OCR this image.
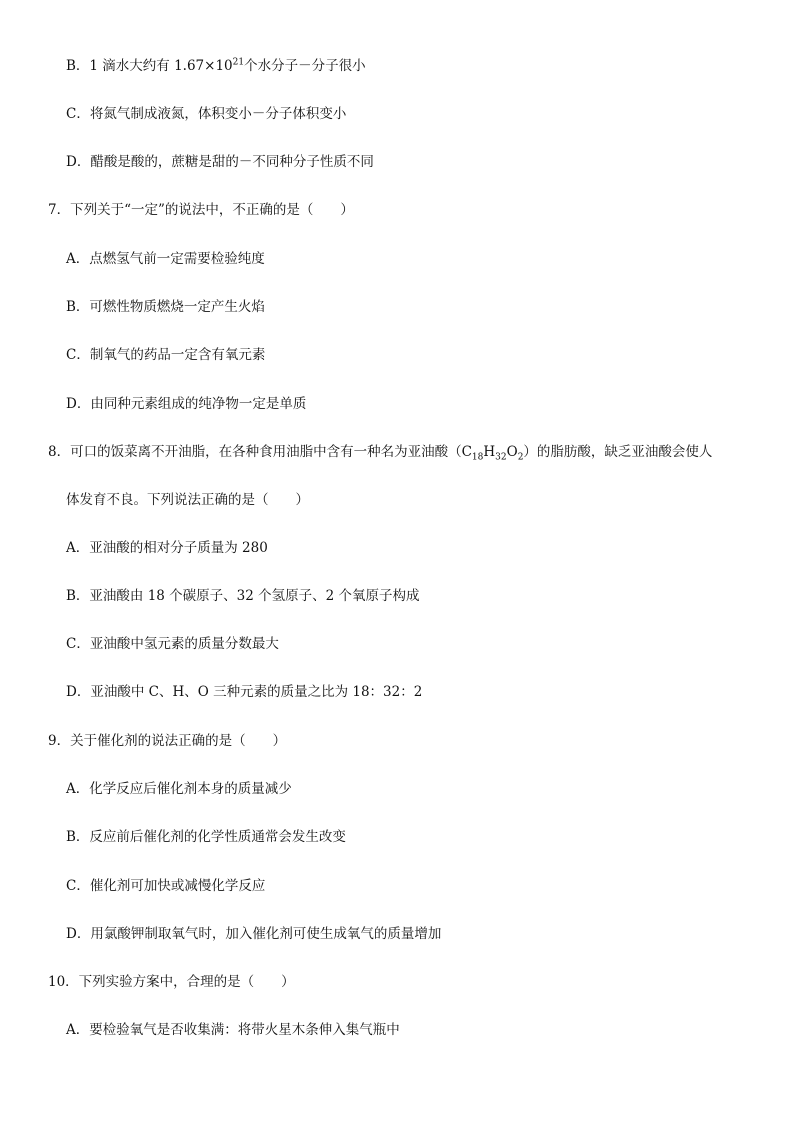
B．1 滴水大约有 $1.67\times 10^{21}$个水分子－分子很小
C．将氮气制成液氮，体积变小－分子体积变小
D．醋酸是酸的，蔗糖是甜的－不同种分子性质不同
7．下列关于“一定”的说法中，不正确的是（　　）
A．点燃氢气前一定需要检验纯度
B．可燃性物质燃烧一定产生火焰
C．制氧气的药品一定含有氧元素
D．由同种元素组成的纯净物一定是单质
8．可口的饭菜离不开油脂，在各种食用油脂中含有一种名为亚油酸$(C_{18}H_{32}O_2)$的脂肪酸，缺乏亚油酸会使人
体发育不良。下列说法正确的是（　　）
A．亚油酸的相对分子质量为 280
B．亚油酸由 18 个碳原子、32 个氢原子、2 个氧原子构成
C．亚油酸中氢元素的质量分数最大
D．亚油酸中 C、H、O 三种元素的质量之比为 18：32：2
9．关于催化剂的说法正确的是（　　）
A．化学反应后催化剂本身的质量减少
B．反应前后催化剂的化学性质通常会发生改变
C．催化剂可加快或减慢化学反应
D．用氯酸钾制取氧气时，加入催化剂可使生成氧气的质量增加
10．下列实验方案中，合理的是（　　）
A．要检验氧气是否收集满：将带火星木条伸入集气瓶中
